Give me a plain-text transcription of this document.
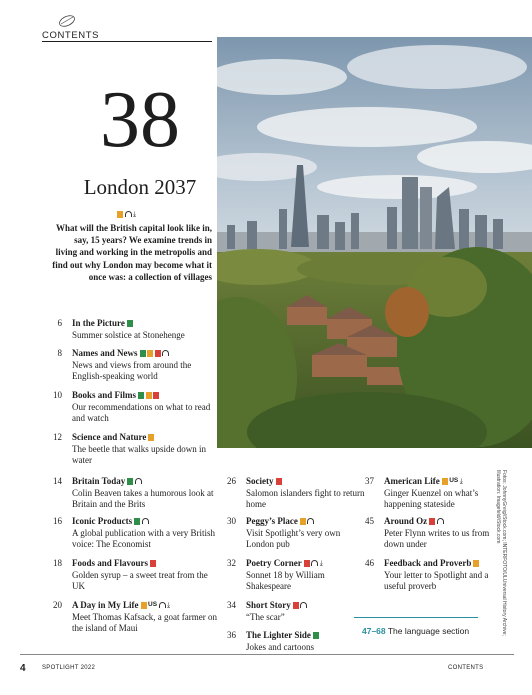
CONTENTS
38
London 2037
⤓
What will the British capital look like in, say, 15 years? We examine trends in living and working in the metropolis and find out why London may become what it once was: a collection of villages
6 In the Picture
Summer solstice at Stonehenge
8 Names and News
News and views from around the English-speaking world
10 Books and Films
Our recommendations on what to read and watch
12 Science and Nature
The beetle that walks upside down in water
14 Britain Today
Colin Beaven takes a humorous look at Britain and the Brits
16 Iconic Products
A global publication with a very British voice: The Economist
18 Foods and Flavours
Golden syrup – a sweet treat from the UK
20 A Day in My Life US ⤓
Meet Thomas Kafsack, a goat farmer on the island of Maui
26 Society
Salomon islanders fight to return home
30 Peggy’s Place
Visit Spotlight’s very own London pub
32 Poetry Corner	⤓
Sonnet 18 by William Shakespeare
34 Short Story
“The scar”
36 The Lighter Side
Jokes and cartoons
37 American Life US ⤓
Ginger Kuenzel on what’s happening stateside
45 Around Oz
Peter Flynn writes to us from down under
46 Feedback and Proverb
Your letter to Spotlight and a useful proverb
47–68 The language section	Fotos: JohnnyGreig/iStock.com; INTERFOTO/ULUniversal History Archive; Illustration: Imagefeld/iStock.com
4	SPOTLIGHT 2022	CONTENTS
